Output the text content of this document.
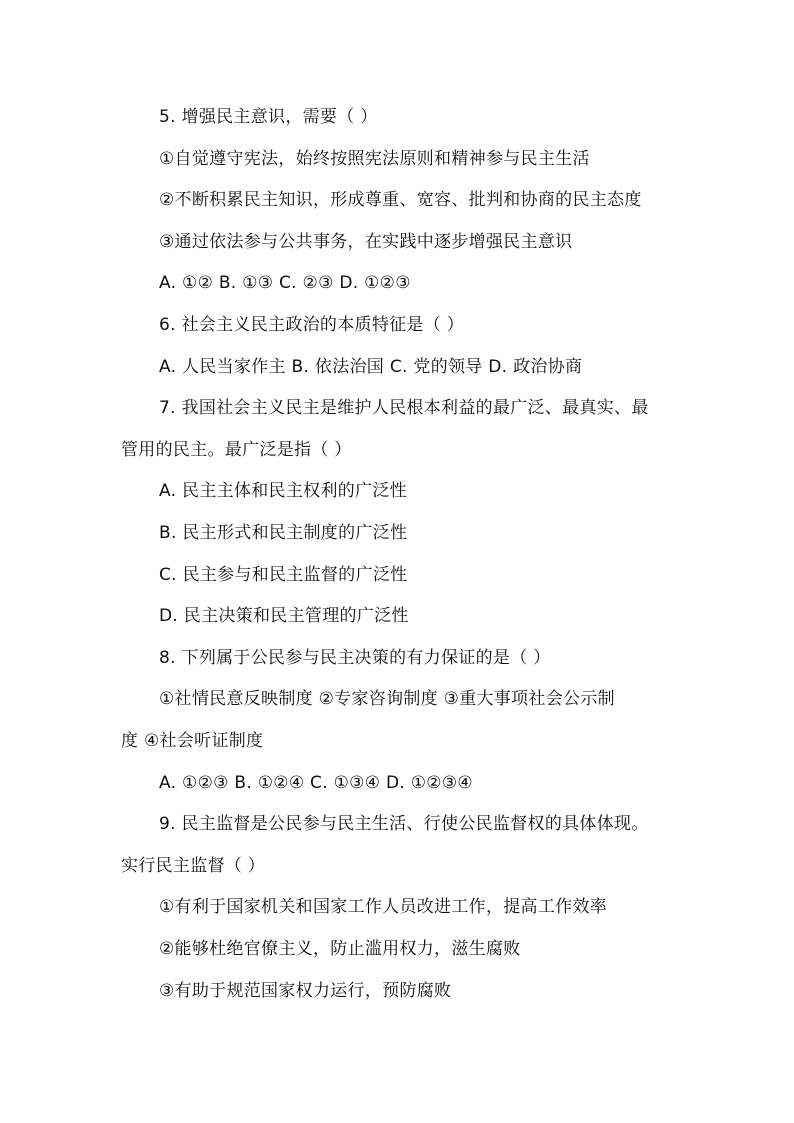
5. 增强民主意识，需要（ ）
①自觉遵守宪法，始终按照宪法原则和精神参与民主生活
②不断积累民主知识，形成尊重、宽容、批判和协商的民主态度
③通过依法参与公共事务，在实践中逐步增强民主意识
A. ①② B. ①③ C. ②③ D. ①②③
6. 社会主义民主政治的本质特征是（ ）
A. 人民当家作主 B. 依法治国 C. 党的领导 D. 政治协商
7. 我国社会主义民主是维护人民根本利益的最广泛、最真实、最
管用的民主。最广泛是指（ ）
A. 民主主体和民主权利的广泛性
B. 民主形式和民主制度的广泛性
C. 民主参与和民主监督的广泛性
D. 民主决策和民主管理的广泛性
8. 下列属于公民参与民主决策的有力保证的是（ ）
①社情民意反映制度 ②专家咨询制度 ③重大事项社会公示制
度 ④社会听证制度
A. ①②③ B. ①②④ C. ①③④ D. ①②③④
9. 民主监督是公民参与民主生活、行使公民监督权的具体体现。
实行民主监督（ ）
①有利于国家机关和国家工作人员改进工作，提高工作效率
②能够杜绝官僚主义，防止滥用权力，滋生腐败
③有助于规范国家权力运行，预防腐败
